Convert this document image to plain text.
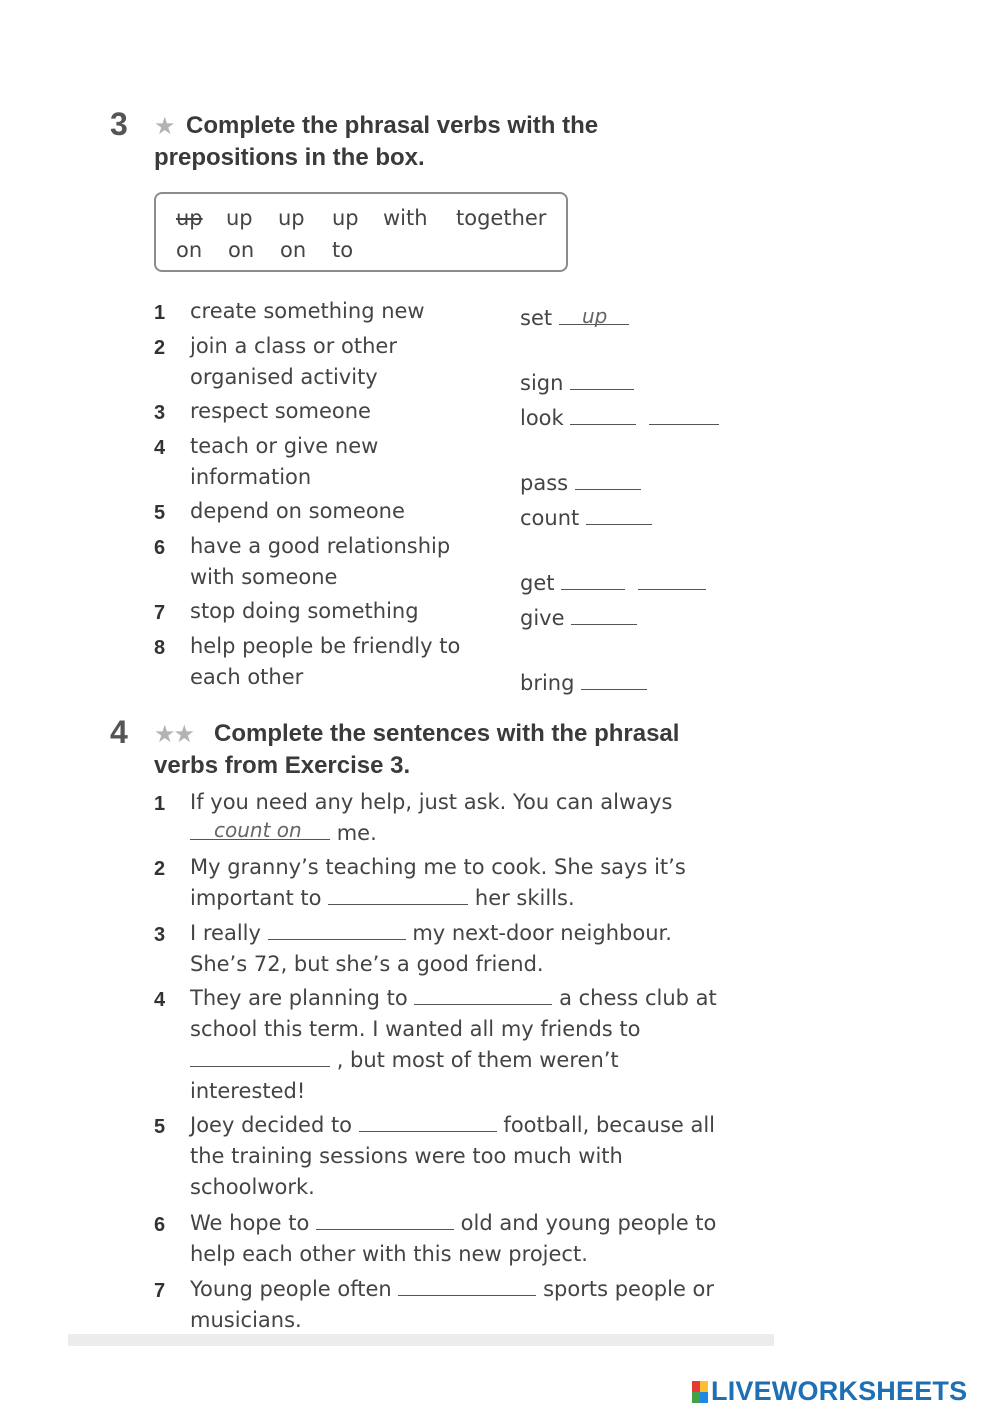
3 ★ Complete the phrasal verbs with the
prepositions in the box.
up up up up with together
on on on to
1 create something new	set	up
2 join a class or other organised activity	sign
3 respect someone	look
4 teach or give new information	pass
5 depend on someone	count
6 have a good relationship with someone	get
7 stop doing something	give
8 help people be friendly to each other	bring
4 ★★ Complete the sentences with the phrasal
verbs from Exercise 3.
1 If you need any help, just ask. You can always
me.
count on
2 My granny’s teaching me to cook. She says it’s important to	her skills.
3 I really	my next-door neighbour. She’s 72, but she’s a good friend.
4 They are planning to	a chess club at school this term. I wanted all my friends to  , but most of them weren’t interested!
5 Joey decided to	football, because all the training sessions were too much with schoolwork.
6 We hope to	old and young people to help each other with this new project.
7 Young people often	sports people or musicians.
LIVEWORKSHEETS
